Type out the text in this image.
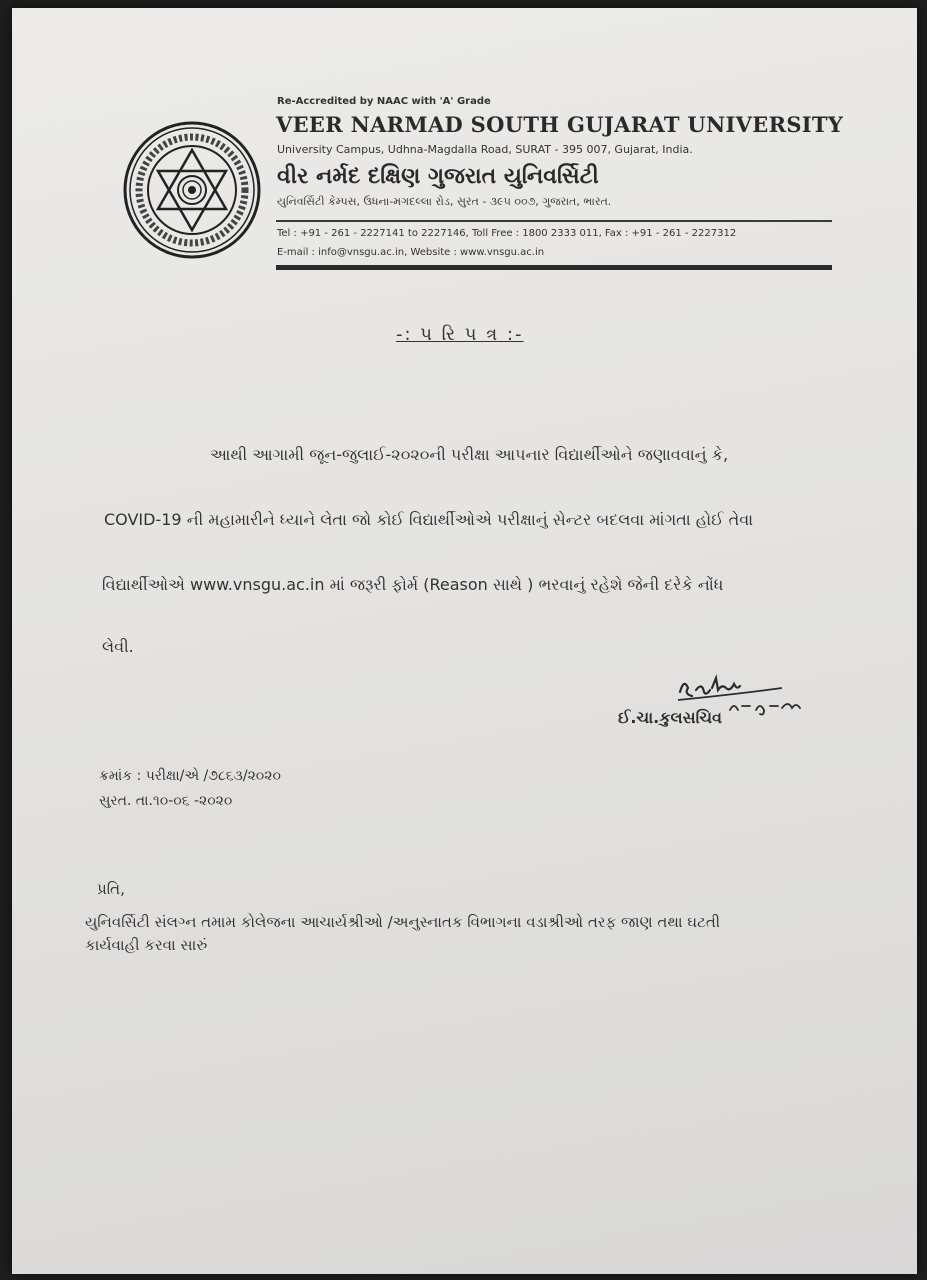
Re-Accredited by NAAC with 'A' Grade
VEER NARMAD SOUTH GUJARAT UNIVERSITY
University Campus, Udhna-Magdalla Road, SURAT - 395 007, Gujarat, India.
વીર નર્મદ દક્ષિણ ગુજરાત યુનિવર્સિટી
યુનિવર્સિટી કેમ્પસ, ઉધના-મગદલ્લા રોડ, સુરત - ૩૯૫ ૦૦૭, ગુજરાત, ભારત.
Tel : +91 - 261 - 2227141 to 2227146, Toll Free : 1800 2333 011, Fax : +91 - 261 - 2227312
E-mail : info@vnsgu.ac.in, Website : www.vnsgu.ac.in
-: પ રિ પ ત્ર :-
આથી આગામી જૂન-જુલાઈ-૨૦૨૦ની પરીક્ષા આપનાર વિદ્યાર્થીઓને જણાવવાનું કે,
COVID-19 ની મહામારીને ધ્યાને લેતા જો કોઈ વિદ્યાર્થીઓએ પરીક્ષાનું સેન્ટર બદલવા માંગતા હોઈ તેવા
વિદ્યાર્થીઓએ www.vnsgu.ac.in માં જરૂરી ફોર્મ (Reason સાથે ) ભરવાનું રહેશે જેની દરેકે નોંધ
લેવી.
ઈ.ચા.કુલસચિવ
ક્રમાંક : પરીક્ષા/એ /૭૮૬૩/૨૦૨૦
સુરત. તા.૧૦-૦૬ -૨૦૨૦
પ્રતિ,
યુનિવર્સિટી સંલગ્ન તમામ કોલેજના આચાર્યશ્રીઓ /અનુસ્નાતક વિભાગના વડાશ્રીઓ તરફ જાણ તથા ઘટતી
કાર્યવાહી કરવા સારું
